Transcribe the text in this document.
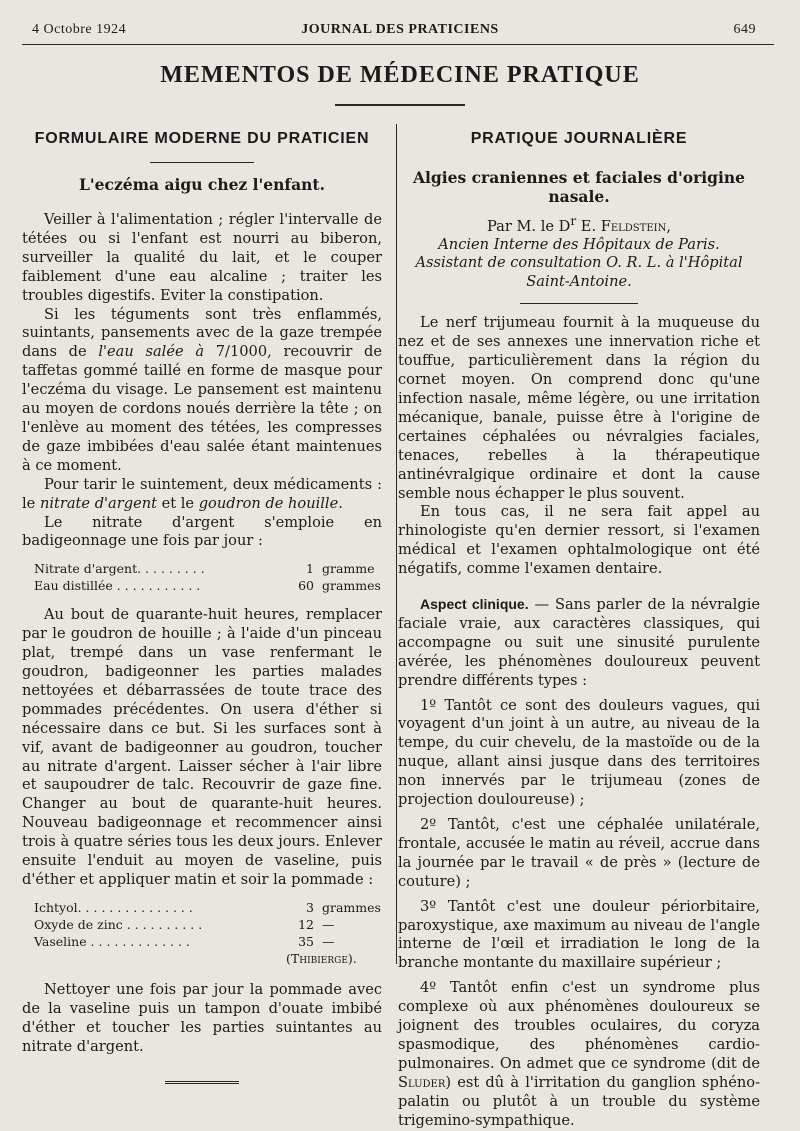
4 Octobre 1924	JOURNAL DES PRATICIENS	649
MEMENTOS DE MÉDECINE PRATIQUE
FORMULAIRE MODERNE DU PRATICIEN
L'eczéma aigu chez l'enfant.

Veiller à l'alimentation ; régler l'intervalle de tétées ou si l'enfant est nourri au biberon, surveiller la qualité du lait, et le couper faiblement d'une eau alcaline ; traiter les troubles digestifs. Eviter la constipation.

Si les téguments sont très enflammés, suintants, pansements avec de la gaze trempée dans de l'eau salée à 7/1000, recouvrir de taffetas gommé taillé en forme de masque pour l'eczéma du visage. Le pansement est maintenu au moyen de cordons noués derrière la tête ; on l'enlève au moment des tétées, les compresses de gaze imbibées d'eau salée étant maintenues à ce moment.

Pour tarir le suintement, deux médicaments : le nitrate d'argent et le goudron de houille.

Le nitrate d'argent s'emploie en badigeonnage une fois par jour :

Nitrate d'argent. . . . . . . . .	1 gramme
Eau distillée . . . . . . . . . . .	60 grammes

Au bout de quarante-huit heures, remplacer par le goudron de houille ; à l'aide d'un pinceau plat, trempé dans un vase renfermant le goudron, badigeonner les parties malades nettoyées et débarrassées de toute trace des pommades précédentes. On usera d'éther si nécessaire dans ce but. Si les surfaces sont à vif, avant de badigeonner au goudron, toucher au nitrate d'argent. Laisser sécher à l'air libre et saupoudrer de talc. Recouvrir de gaze fine. Changer au bout de quarante-huit heures. Nouveau badigeonnage et recommencer ainsi trois à quatre séries tous les deux jours. Enlever ensuite l'enduit au moyen de vaseline, puis d'éther et appliquer matin et soir la pommade :

Ichtyol. . . . . . . . . . . . . . .	3 grammes
Oxyde de zinc . . . . . . . . . .	12 —
Vaseline . . . . . . . . . . . . .	35 —
(Thibierge).

Nettoyer une fois par jour la pommade avec de la vaseline puis un tampon d'ouate imbibé d'éther et toucher les parties suintantes au nitrate d'argent.

PRATIQUE JOURNALIÈRE
Algies craniennes et faciales d'origine nasale.
Par M. le $D^r$ E. Feldstein,
Ancien Interne des Hôpitaux de Paris.
Assistant de consultation O. R. L. à l'Hôpital Saint-Antoine.

Le nerf trijumeau fournit à la muqueuse du nez et de ses annexes une innervation riche et touffue, particulièrement dans la région du cornet moyen. On comprend donc qu'une infection nasale, même légère, ou une irritation mécanique, banale, puisse être à l'origine de certaines céphalées ou névralgies faciales, tenaces, rebelles à la thérapeutique antinévralgique ordinaire et dont la cause semble nous échapper le plus souvent.

En tous cas, il ne sera fait appel au rhinologiste qu'en dernier ressort, si l'examen médical et l'examen ophtalmologique ont été négatifs, comme l'examen dentaire.

Aspect clinique. — Sans parler de la névralgie faciale vraie, aux caractères classiques, qui accompagne ou suit une sinusité purulente avérée, les phénomènes douloureux peuvent prendre différents types :

1º Tantôt ce sont des douleurs vagues, qui voyagent d'un joint à un autre, au niveau de la tempe, du cuir chevelu, de la mastoïde ou de la nuque, allant ainsi jusque dans des territoires non innervés par le trijumeau (zones de projection douloureuse) ;

2º Tantôt, c'est une céphalée unilatérale, frontale, accusée le matin au réveil, accrue dans la journée par le travail « de près » (lecture de couture) ;

3º Tantôt c'est une douleur périorbitaire, paroxystique, axe maximum au niveau de l'angle interne de l'œil et irradiation le long de la branche montante du maxillaire supérieur ;

4º Tantôt enfin c'est un syndrome plus complexe où aux phénomènes douloureux se joignent des troubles oculaires, du coryza spasmodique, des phénomènes cardio-pulmonaires. On admet que ce syndrome (dit de Sluder) est dû à l'irritation du ganglion sphéno-palatin ou plutôt à un trouble du système trigemino-sympathique.
